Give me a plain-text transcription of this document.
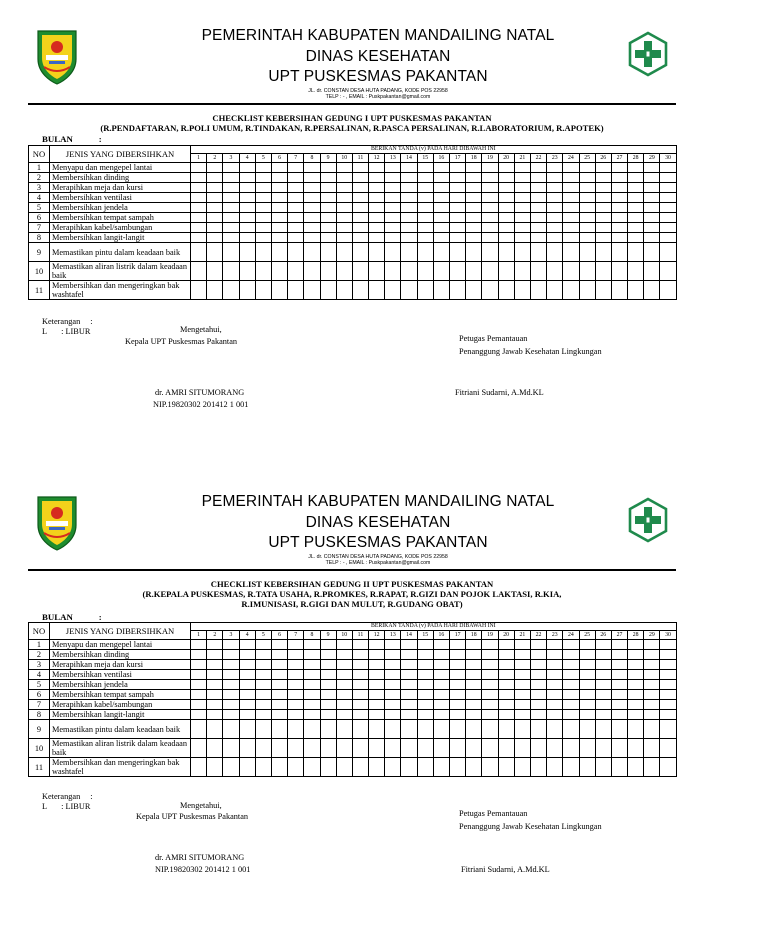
PEMERINTAH KABUPATEN MANDAILING NATAL
DINAS KESEHATAN
UPT PUSKESMAS PAKANTAN
JL. dr. CONSTAN DESA HUTA PADANG, KODE POS 22958
TELP : - , EMAIL : Puskpakantan@gmail.com
CHECKLIST KEBERSIHAN GEDUNG I UPT PUSKESMAS PAKANTAN
(R.PENDAFTARAN, R.POLI UMUM, R.TINDAKAN, R.PERSALINAN, R.PASCA PERSALINAN, R.LABORATORIUM, R.APOTEK)
BULAN	:
NO	JENIS YANG DIBERSIHKAN	BERIKAN TANDA (v) PADA HARI DIBAWAH INI																													
		1	2	3	4	5	6	7	8	9	10	11	12	13	14	15	16	17	18	19	20	21	22	23	24	25	26	27	28	29	30
1	Menyapu dan mengepel lantai																														
2	Membersihkan dinding																														
3	Merapihkan meja dan kursi																														
4	Membersihkan ventilasi																														
5	Membersihkan jendela																														
6	Membersihkan tempat sampah																														
7	Merapihkan kabel/sambungan																														
8	Membersihkan langit-langit																														
9	Memastikan pintu dalam keadaan baik																														
10	Memastikan aliran listrik dalam keadaan baik																														
11	Membersihkan dan mengeringkan bak washtafel																														
Keterangan :
L : LIBUR	Mengetahui,
Kepala UPT Puskesmas Pakantan	Petugas Pemantauan
Penanggung Jawab Kesehatan Lingkungan
dr. AMRI SITUMORANG
NIP.19820302 201412 1 001
Fitriani Sudarni, A.Md.KL
PEMERINTAH KABUPATEN MANDAILING NATAL
DINAS KESEHATAN
UPT PUSKESMAS PAKANTAN
JL. dr. CONSTAN DESA HUTA PADANG, KODE POS 22958
TELP : - , EMAIL : Puskpakantan@gmail.com
CHECKLIST KEBERSIHAN GEDUNG II UPT PUSKESMAS PAKANTAN
(R.KEPALA PUSKESMAS, R.TATA USAHA, R.PROMKES, R.RAPAT, R.GIZI DAN POJOK LAKTASI, R.KIA,
R.IMUNISASI, R.GIGI DAN MULUT, R.GUDANG OBAT)
BULAN	:
NO	JENIS YANG DIBERSIHKAN	BERIKAN TANDA (v) PADA HARI DIBAWAH INI																													
		1	2	3	4	5	6	7	8	9	10	11	12	13	14	15	16	17	18	19	20	21	22	23	24	25	26	27	28	29	30
1	Menyapu dan mengepel lantai																														
2	Membersihkan dinding																														
3	Merapihkan meja dan kursi																														
4	Membersihkan ventilasi																														
5	Membersihkan jendela																														
6	Membersihkan tempat sampah																														
7	Merapihkan kabel/sambungan																														
8	Membersihkan langit-langit																														
9	Memastikan pintu dalam keadaan baik																														
10	Memastikan aliran listrik dalam keadaan baik																														
11	Membersihkan dan mengeringkan bak washtafel																														
Keterangan :
L : LIBUR	Mengetahui,
Kepala UPT Puskesmas Pakantan	Petugas Pemantauan
Penanggung Jawab Kesehatan Lingkungan
dr. AMRI SITUMORANG
NIP.19820302 201412 1 001	Fitriani Sudarni, A.Md.KL
